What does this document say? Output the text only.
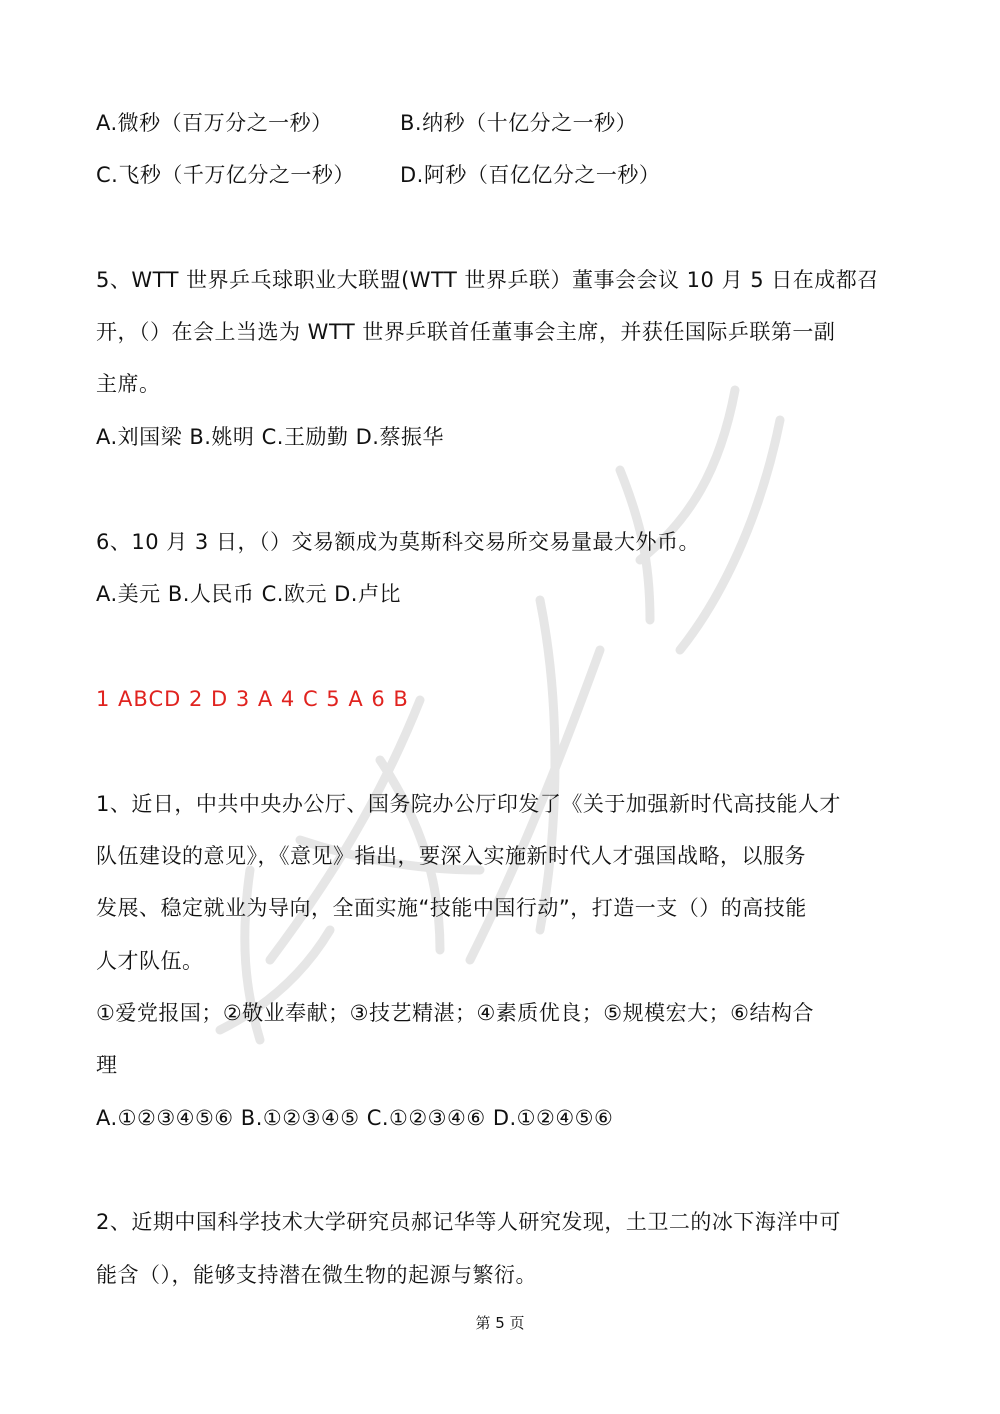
A.微秒（百万分之一秒）	B.纳秒（十亿分之一秒）
C.飞秒（千万亿分之一秒） D.阿秒（百亿亿分之一秒）
5、WTT 世界乒乓球职业大联盟(WTT 世界乒联）董事会会议 10 月 5 日在成都召
开，（）在会上当选为 WTT 世界乒联首任董事会主席，并获任国际乒联第一副
主席。
A.刘国梁 B.姚明 C.王励勤 D.蔡振华
6、10 月 3 日，（）交易额成为莫斯科交易所交易量最大外币。
A.美元 B.人民币 C.欧元 D.卢比
1 ABCD 2 D 3 A 4 C 5 A 6 B
1、近日，中共中央办公厅、国务院办公厅印发了《关于加强新时代高技能人才
队伍建设的意见》，《意见》指出，要深入实施新时代人才强国战略，以服务
发展、稳定就业为导向，全面实施“技能中国行动”，打造一支（）的高技能
人才队伍。
①爱党报国；②敬业奉献；③技艺精湛；④素质优良；⑤规模宏大；⑥结构合
理
A.①②③④⑤⑥ B.①②③④⑤ C.①②③④⑥ D.①②④⑤⑥
2、近期中国科学技术大学研究员郝记华等人研究发现，土卫二的冰下海洋中可
能含（），能够支持潜在微生物的起源与繁衍。
第 5 页
